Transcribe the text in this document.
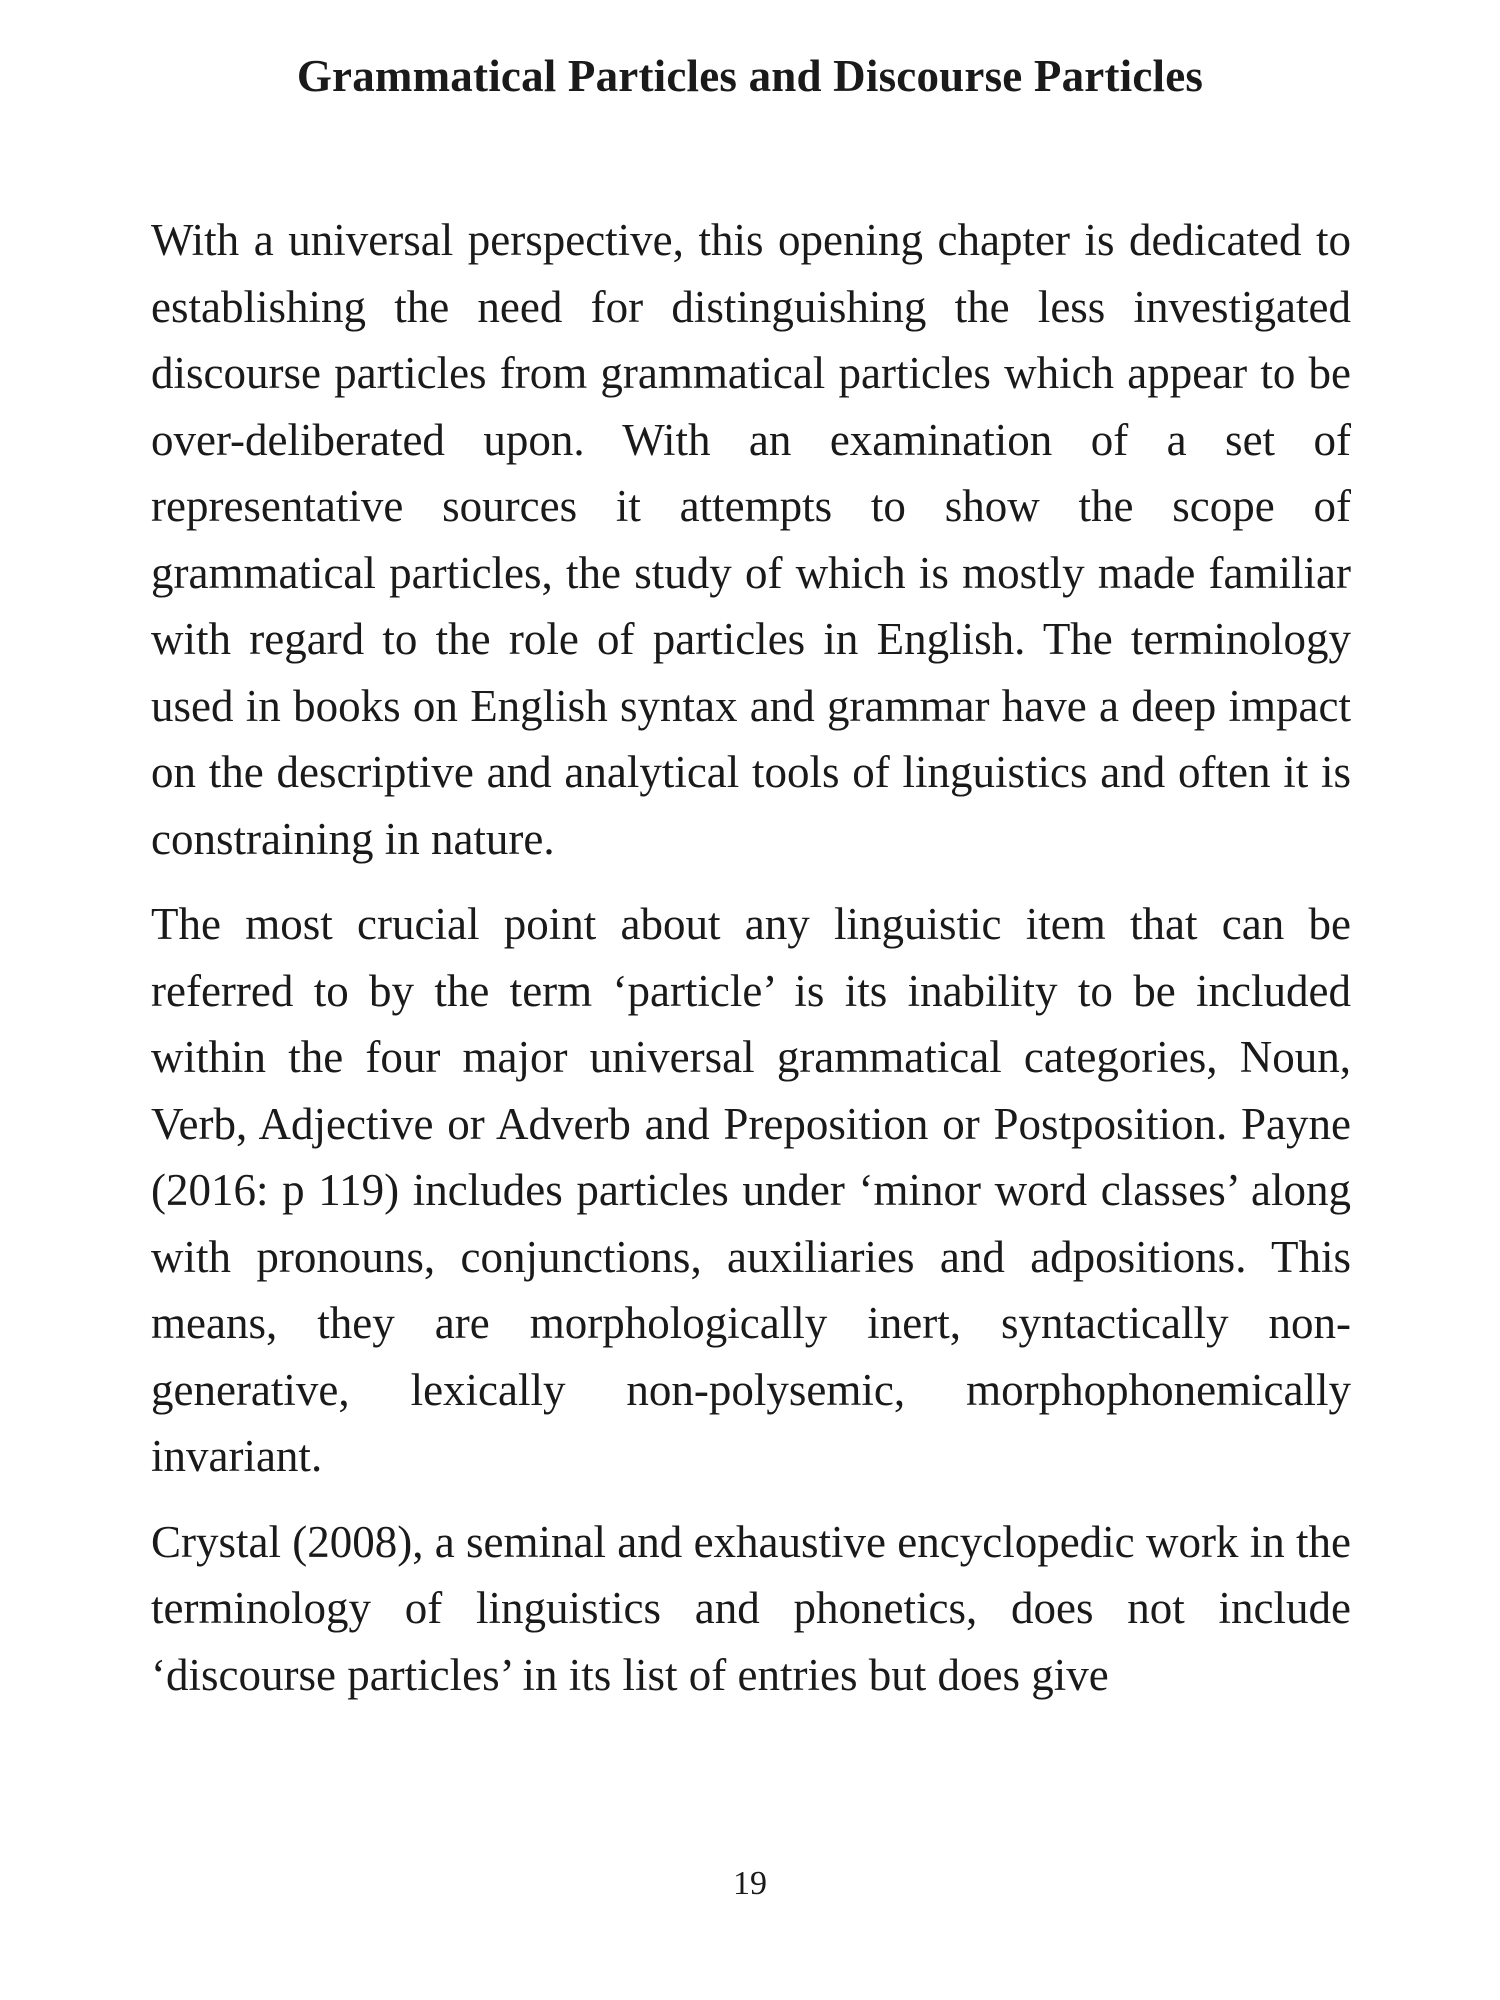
Grammatical Particles and Discourse Particles

With a universal perspective, this opening chapter is dedicated to establishing the need for distinguishing the less investigated discourse particles from grammatical particles which appear to be over-deliberated upon. With an examination of a set of representative sources it attempts to show the scope of grammatical particles, the study of which is mostly made familiar with regard to the role of particles in English. The terminology used in books on English syntax and grammar have a deep impact on the descriptive and analytical tools of linguistics and often it is constraining in nature.

The most crucial point about any linguistic item that can be referred to by the term ‘particle’ is its inability to be included within the four major universal grammatical categories, Noun, Verb, Adjective or Adverb and Preposition or Postposition. Payne (2016: p 119) includes particles under ‘minor word classes’ along with pronouns, conjunctions, auxiliaries and adpositions. This means, they are morphologically inert, syntactically non-generative, lexically non-polysemic, morphophonemically invariant.

Crystal (2008), a seminal and exhaustive encyclopedic work in the terminology of linguistics and phonetics, does not include ‘discourse particles’ in its list of entries but does give

19
